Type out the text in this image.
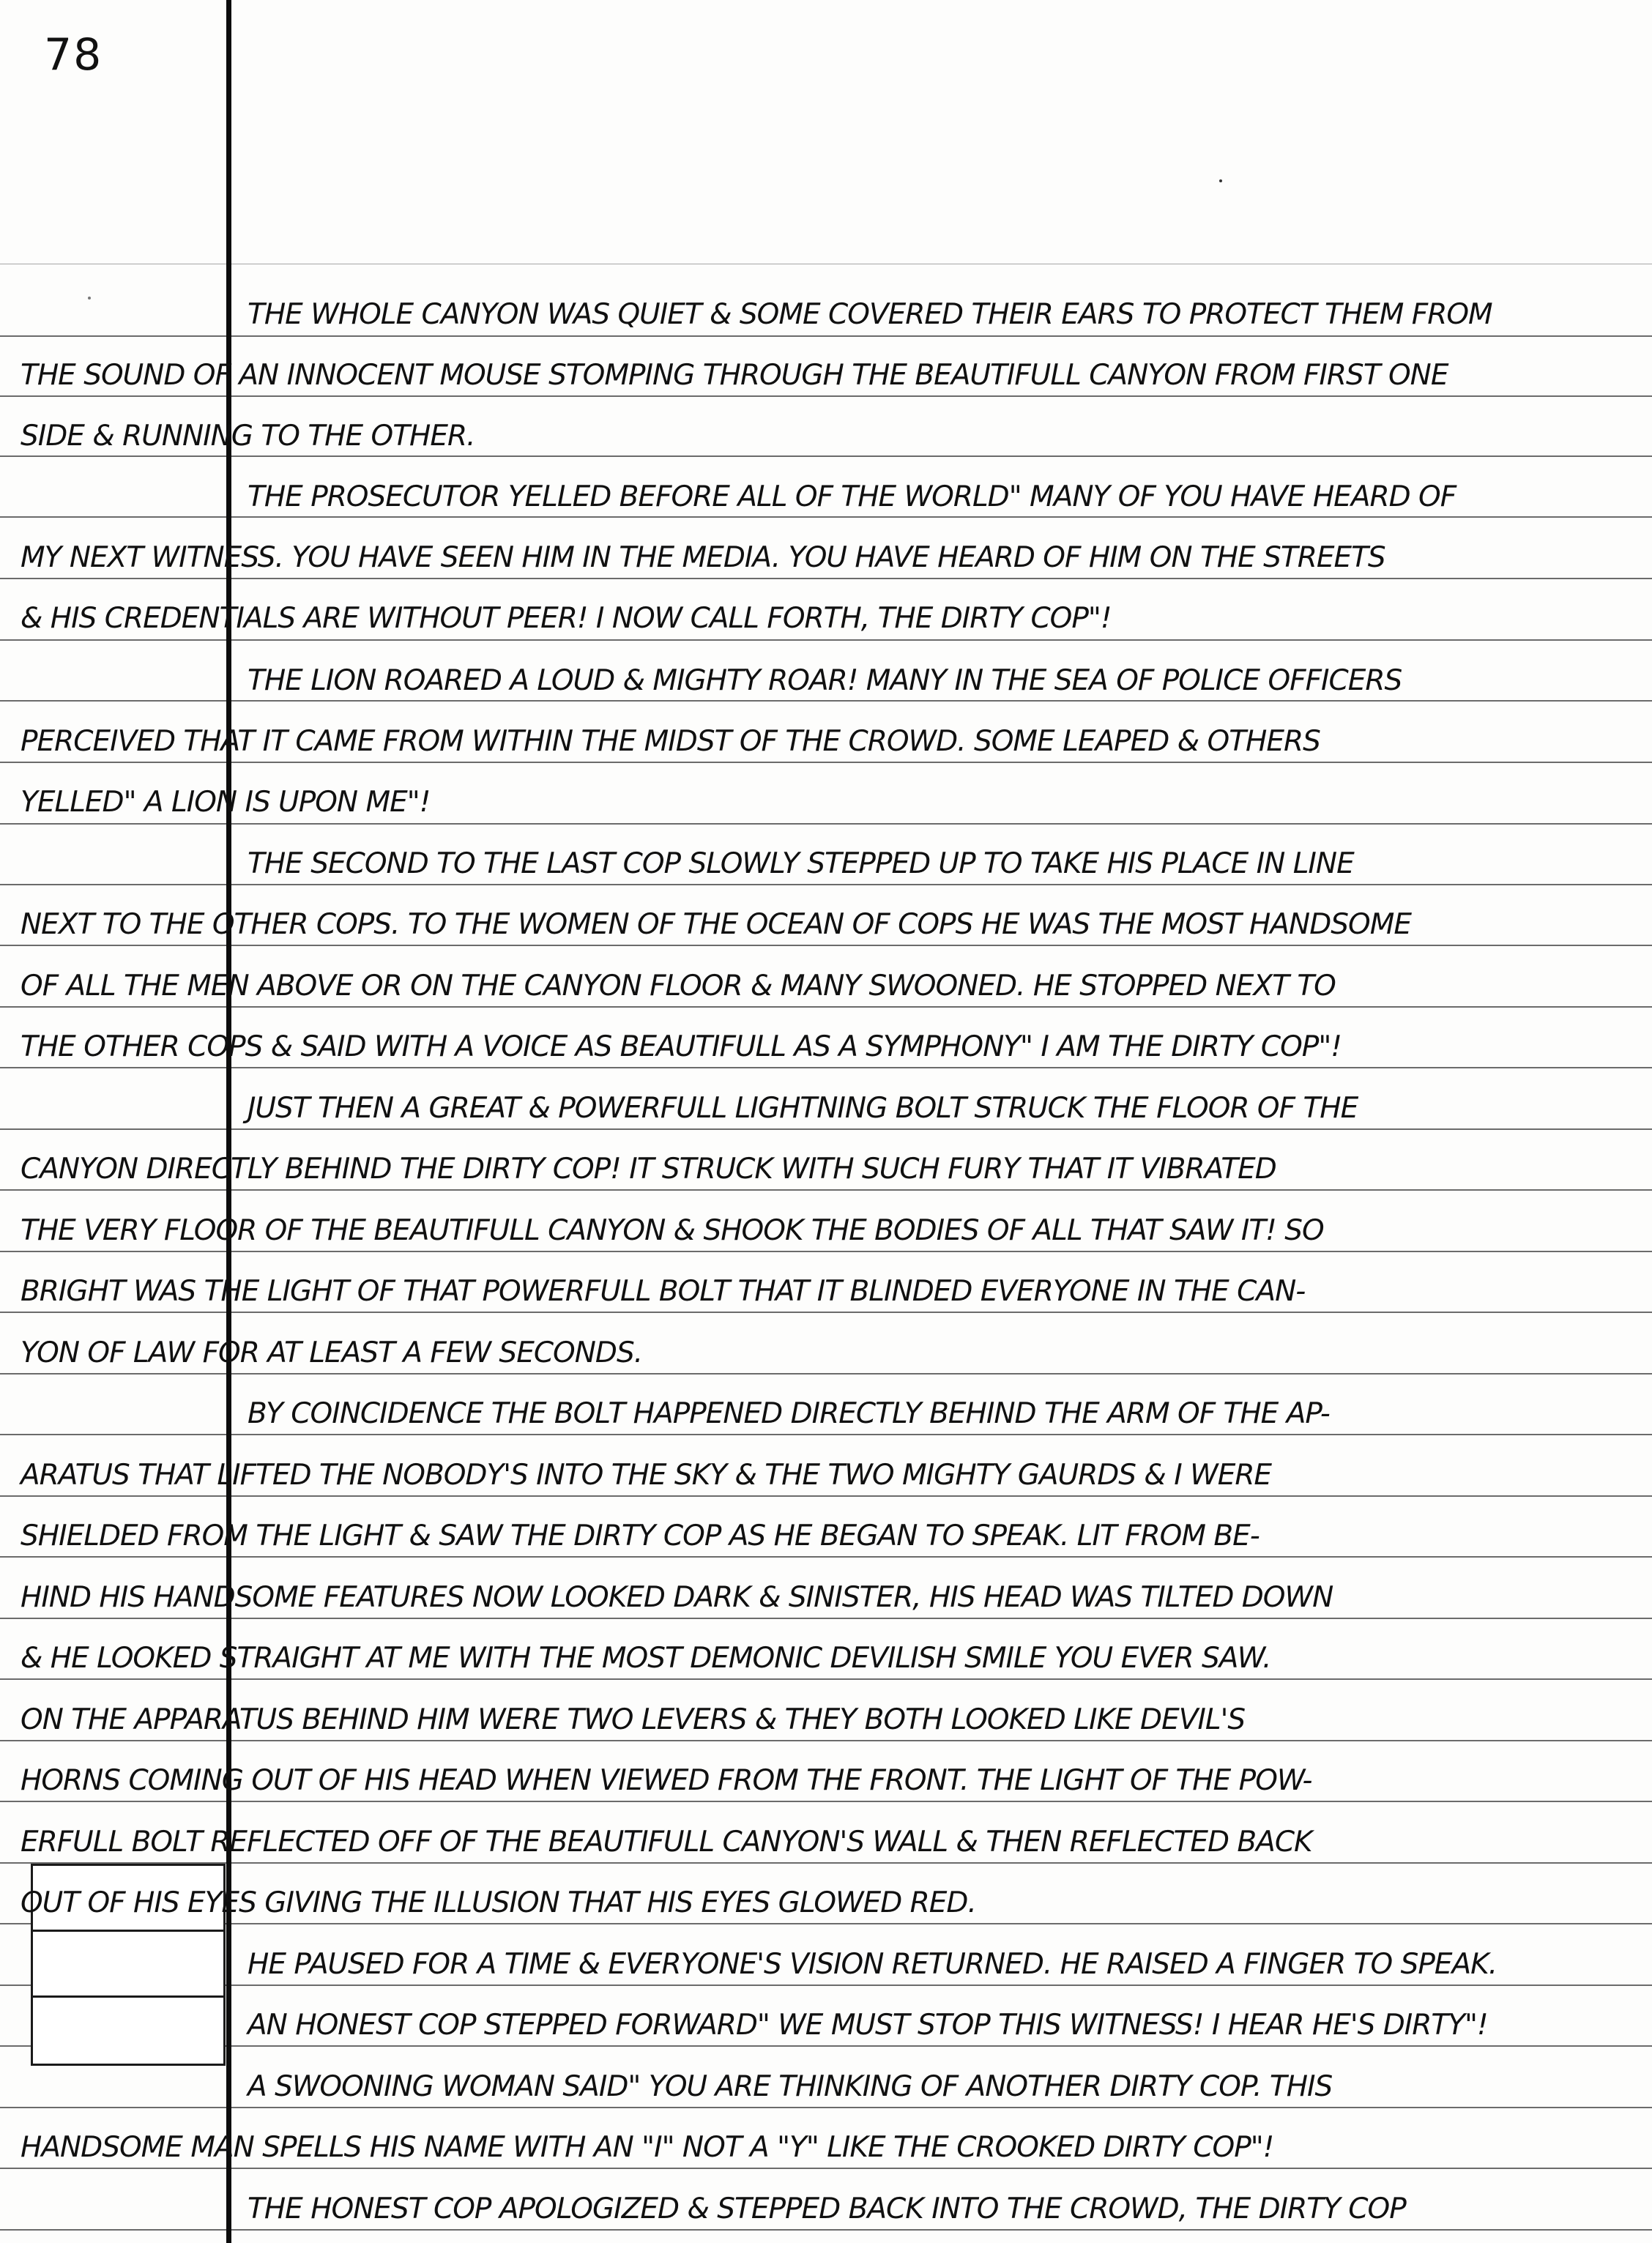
78
THE WHOLE CANYON WAS QUIET & SOME COVERED THEIR EARS TO PROTECT THEM FROM
THE SOUND OF AN INNOCENT MOUSE STOMPING THROUGH THE BEAUTIFULL CANYON FROM FIRST ONE
SIDE & RUNNING TO THE OTHER.
THE PROSECUTOR YELLED BEFORE ALL OF THE WORLD" MANY OF YOU HAVE HEARD OF
MY NEXT WITNESS. YOU HAVE SEEN HIM IN THE MEDIA. YOU HAVE HEARD OF HIM ON THE STREETS
& HIS CREDENTIALS ARE WITHOUT PEER! I NOW CALL FORTH, THE DIRTY COP"!
THE LION ROARED A LOUD & MIGHTY ROAR! MANY IN THE SEA OF POLICE OFFICERS
PERCEIVED THAT IT CAME FROM WITHIN THE MIDST OF THE CROWD. SOME LEAPED & OTHERS
YELLED" A LION IS UPON ME"!
THE SECOND TO THE LAST COP SLOWLY STEPPED UP TO TAKE HIS PLACE IN LINE
NEXT TO THE OTHER COPS. TO THE WOMEN OF THE OCEAN OF COPS HE WAS THE MOST HANDSOME
OF ALL THE MEN ABOVE OR ON THE CANYON FLOOR & MANY SWOONED. HE STOPPED NEXT TO
THE OTHER COPS & SAID WITH A VOICE AS BEAUTIFULL AS A SYMPHONY" I AM THE DIRTY COP"!
JUST THEN A GREAT & POWERFULL LIGHTNING BOLT STRUCK THE FLOOR OF THE
CANYON DIRECTLY BEHIND THE DIRTY COP! IT STRUCK WITH SUCH FURY THAT IT VIBRATED
THE VERY FLOOR OF THE BEAUTIFULL CANYON & SHOOK THE BODIES OF ALL THAT SAW IT! SO
BRIGHT WAS THE LIGHT OF THAT POWERFULL BOLT THAT IT BLINDED EVERYONE IN THE CAN-
YON OF LAW FOR AT LEAST A FEW SECONDS.
BY COINCIDENCE THE BOLT HAPPENED DIRECTLY BEHIND THE ARM OF THE AP-
ARATUS THAT LIFTED THE NOBODY'S INTO THE SKY & THE TWO MIGHTY GAURDS & I WERE
SHIELDED FROM THE LIGHT & SAW THE DIRTY COP AS HE BEGAN TO SPEAK. LIT FROM BE-
HIND HIS HANDSOME FEATURES NOW LOOKED DARK & SINISTER, HIS HEAD WAS TILTED DOWN
& HE LOOKED STRAIGHT AT ME WITH THE MOST DEMONIC DEVILISH SMILE YOU EVER SAW.
ON THE APPARATUS BEHIND HIM WERE TWO LEVERS & THEY BOTH LOOKED LIKE DEVIL'S
HORNS COMING OUT OF HIS HEAD WHEN VIEWED FROM THE FRONT. THE LIGHT OF THE POW-
ERFULL BOLT REFLECTED OFF OF THE BEAUTIFULL CANYON'S WALL & THEN REFLECTED BACK
OUT OF HIS EYES GIVING THE ILLUSION THAT HIS EYES GLOWED RED.
HE PAUSED FOR A TIME & EVERYONE'S VISION RETURNED. HE RAISED A FINGER TO SPEAK.
AN HONEST COP STEPPED FORWARD" WE MUST STOP THIS WITNESS! I HEAR HE'S DIRTY"!
A SWOONING WOMAN SAID" YOU ARE THINKING OF ANOTHER DIRTY COP. THIS
HANDSOME MAN SPELLS HIS NAME WITH AN "I" NOT A "Y" LIKE THE CROOKED DIRTY COP"!
THE HONEST COP APOLOGIZED & STEPPED BACK INTO THE CROWD, THE DIRTY COP
